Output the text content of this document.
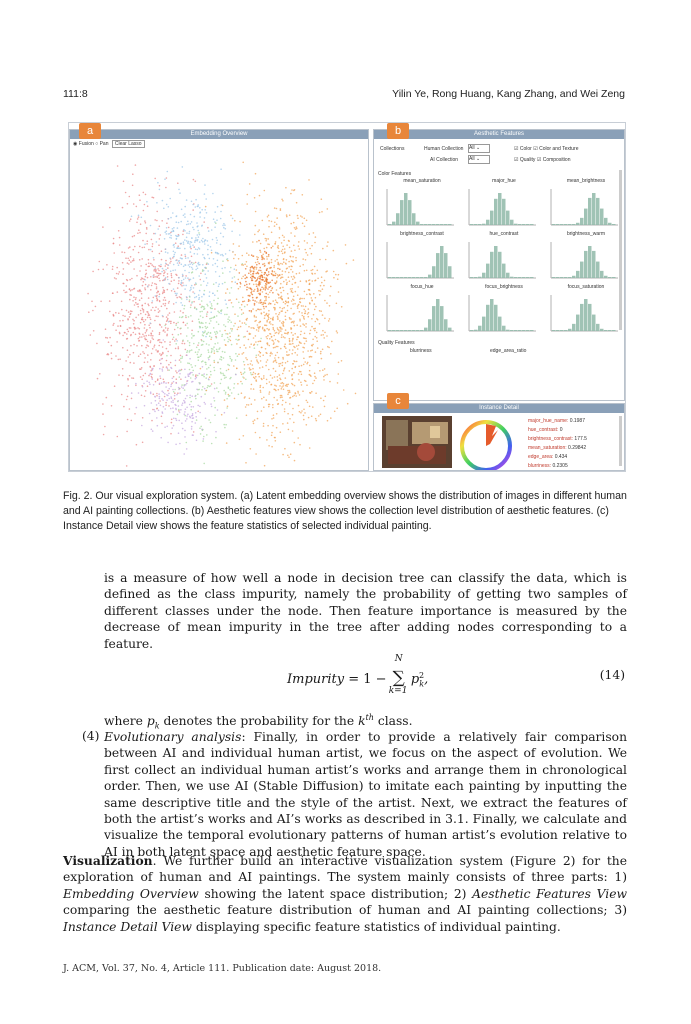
111:8	Yilin Ye, Rong Huang, Kang Zhang, and Wei Zeng
Embedding Overview
◉ Fusion ○ Pan Clear Lasso
Aesthetic Features
Collections	Human Collection All ⌄
AI Collection All ⌄
☑ Color ☑ Color and Texture
☑ Quality ☑ Composition
Color Features
mean_saturation	major_hue	mean_brightness
brightness_contrast	hue_contrast	brightness_warm
focus_hue	focus_brightness	focus_saturation
Quality Features
blurriness	edge_area_ratio
Instance Detail
major_hue_name: 0.1987
hue_contrast: 0
brightness_contrast: 177.5
mean_saturation: 0.29842
edge_area: 0.434
blurriness: 0.2305
a	b
c
Fig. 2. Our visual exploration system. (a) Latent embedding overview shows the distribution of images in different human and AI painting collections. (b) Aesthetic features view shows the collection level distribution of aesthetic features. (c) Instance Detail view shows the feature statistics of selected individual painting.
is a measure of how well a node in decision tree can classify the data, which is defined as the class impurity, namely the probability of getting two samples of different classes under the node. Then feature importance is measured by the decrease of mean impurity in the tree after adding nodes corresponding to a feature.
Impurity = 1 −
N
∑
k=1
$p_k^2$,	(14)
where $p_k$ denotes the probability for the $k^{th}$ class.
(4) Evolutionary analysis: Finally, in order to provide a relatively fair comparison between AI and individual human artist, we focus on the aspect of evolution. We first collect an individual human artist’s works and arrange them in chronological order. Then, we use AI (Stable Diffusion) to imitate each painting by inputting the same descriptive title and the style of the artist. Next, we extract the features of both the artist’s works and AI’s works as described in 3.1. Finally, we calculate and visualize the temporal evolutionary patterns of human artist’s evolution relative to AI in both latent space and aesthetic feature space.
Visualization. We further build an interactive visualization system (Figure 2) for the exploration of human and AI paintings. The system mainly consists of three parts: 1) Embedding Overview showing the latent space distribution; 2) Aesthetic Features View comparing the aesthetic feature distribution of human and AI painting collections; 3) Instance Detail View displaying specific feature statistics of individual painting.
J. ACM, Vol. 37, No. 4, Article 111. Publication date: August 2018.
